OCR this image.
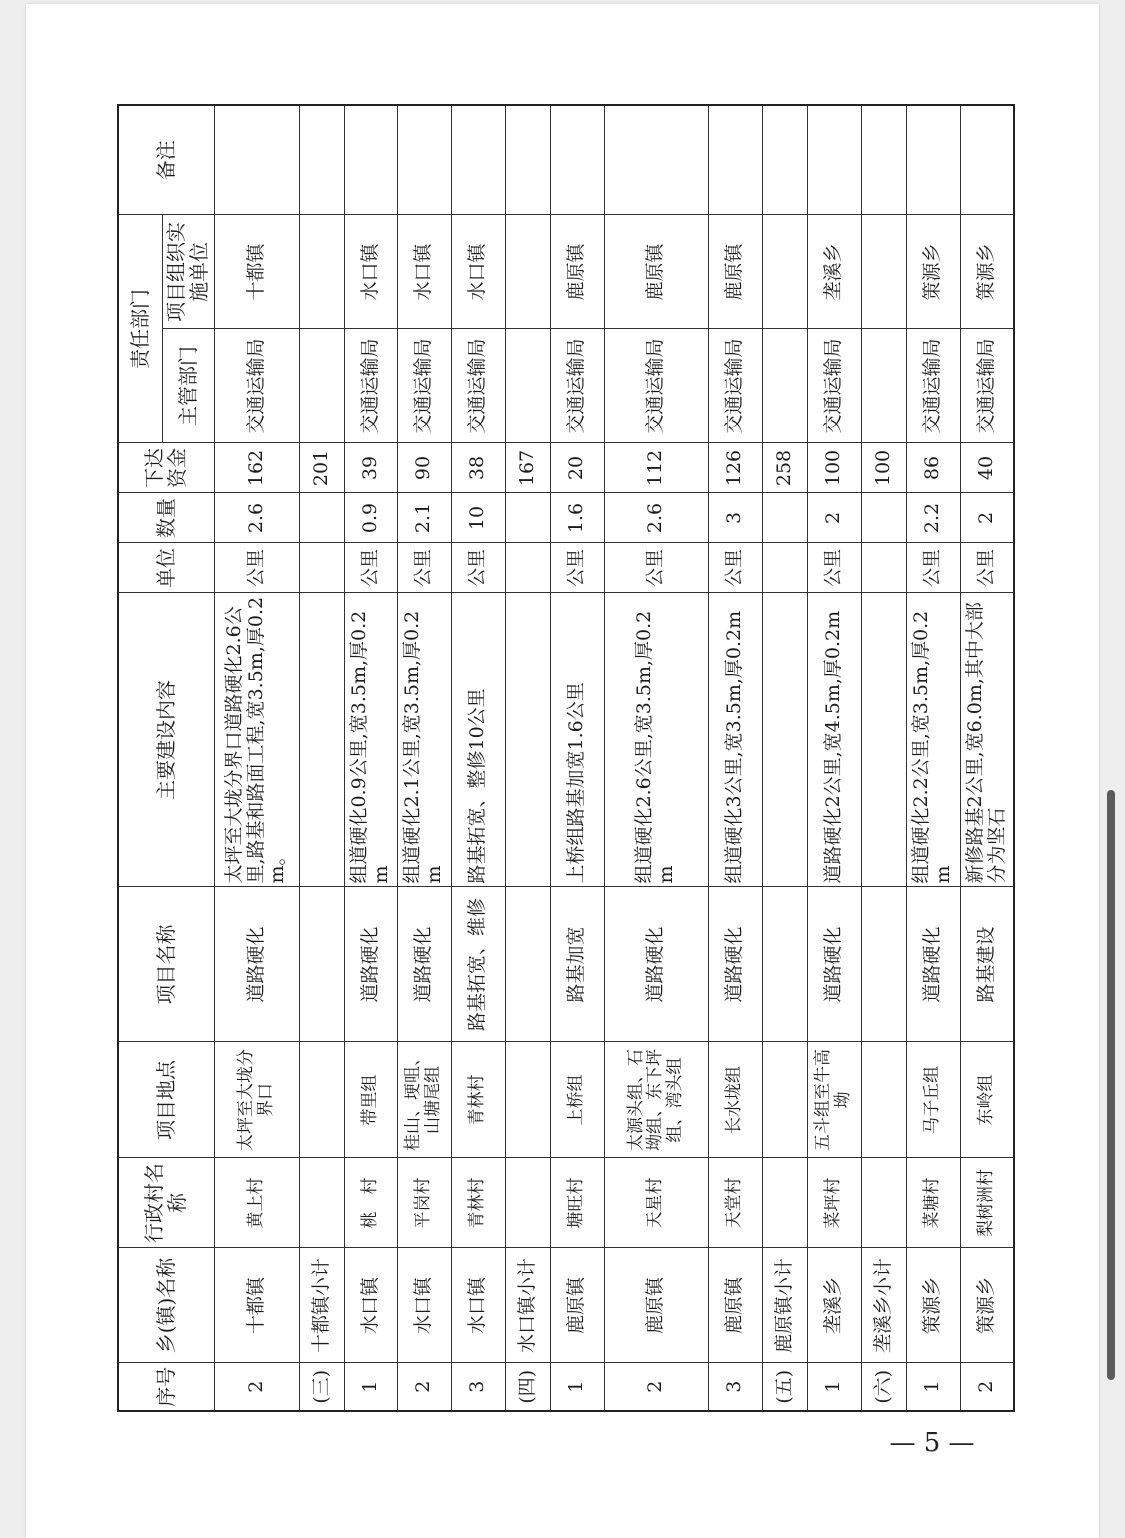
序号	乡(镇)名称	行政村名　称	项目地点	项目名称	主要建设内容	单位	数量	下达资金	责任部门		备注
									主管部门	项目组织实施单位	
2	十都镇	黄上村	太坪至大垅分界口	道路硬化	太坪至大垅分界口道路硬化2.6公里,路基和路面工程,宽3.5m,厚0.2m。	公里	2.6	162	交通运输局	十都镇	
(三)	十都镇小计							201			
1	水口镇	桃　村	带里组	道路硬化	组道硬化0.9公里,宽3.5m,厚0.2m	公里	0.9	39	交通运输局	水口镇	
2	水口镇	平岗村	桂山、埂咀、山塘尾组	道路硬化	组道硬化2.1公里,宽3.5m,厚0.2m	公里	2.1	90	交通运输局	水口镇	
3	水口镇	青林村	青林村	路基拓宽、维修	路基拓宽、整修10公里	公里	10	38	交通运输局	水口镇	
(四)	水口镇小计							167			
1	鹿原镇	塘旺村	上桥组	路基加宽	上桥组路基加宽1.6公里	公里	1.6	20	交通运输局	鹿原镇	
2	鹿原镇	天星村	太源头组、石坳组、东下坪组、湾头组	道路硬化	组道硬化2.6公里,宽3.5m,厚0.2m	公里	2.6	112	交通运输局	鹿原镇	
3	鹿原镇	天堂村	长水垅组	道路硬化	组道硬化3公里,宽3.5m,厚0.2m	公里	3	126	交通运输局	鹿原镇	
(五)	鹿原镇小计							258			
1	垄溪乡	菜坪村	五斗组至牛高坳	道路硬化	道路硬化2公里,宽4.5m,厚0.2m	公里	2	100	交通运输局	垄溪乡	
(六)	垄溪乡小计							100			
1	策源乡	菜塘村	马子丘组	道路硬化	组道硬化2.2公里,宽3.5m,厚0.2m	公里	2.2	86	交通运输局	策源乡	
2	策源乡	梨树洲村	东岭组	路基建设	新修路基2公里,宽6.0m,其中大部分为坚石	公里	2	40	交通运输局	策源乡	
— 5 —
